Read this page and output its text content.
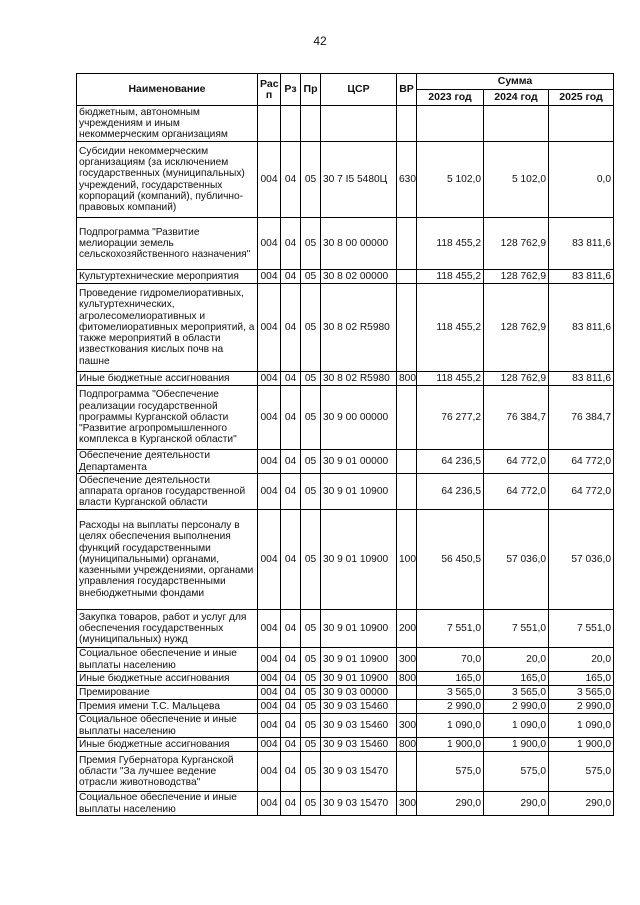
42
Наименование	Рас п	Рз	Пр	ЦСР	ВР	Сумма		
						2023 год	2024 год	2025 год
бюджетным, автономным учреждениям и иным некоммерческим организациям								
Субсидии некоммерческим организациям (за исключением государственных (муниципальных) учреждений, государственных корпораций (компаний), публично-правовых компаний)	004	04	05	30 7 I5 5480Ц	630	5 102,0	5 102,0	0,0
Подпрограмма "Развитие мелиорации земель сельскохозяйственного назначения"	004	04	05	30 8 00 00000		118 455,2	128 762,9	83 811,6
Культуртехнические мероприятия	004	04	05	30 8 02 00000		118 455,2	128 762,9	83 811,6
Проведение гидромелиоративных, культуртехнических, агролесомелиоративных и фитомелиоративных мероприятий, а также мероприятий в области известкования кислых почв на пашне	004	04	05	30 8 02 R5980		118 455,2	128 762,9	83 811,6
Иные бюджетные ассигнования	004	04	05	30 8 02 R5980	800	118 455,2	128 762,9	83 811,6
Подпрограмма "Обеспечение реализации государственной программы Курганской области "Развитие агропромышленного комплекса в Курганской области"	004	04	05	30 9 00 00000		76 277,2	76 384,7	76 384,7
Обеспечение деятельности Департамента	004	04	05	30 9 01 00000		64 236,5	64 772,0	64 772,0
Обеспечение деятельности аппарата органов государственной власти Курганской области	004	04	05	30 9 01 10900		64 236,5	64 772,0	64 772,0
Расходы на выплаты персоналу в целях обеспечения выполнения функций государственными (муниципальными) органами, казенными учреждениями, органами управления государственными внебюджетными фондами	004	04	05	30 9 01 10900	100	56 450,5	57 036,0	57 036,0
Закупка товаров, работ и услуг для обеспечения государственных (муниципальных) нужд	004	04	05	30 9 01 10900	200	7 551,0	7 551,0	7 551,0
Социальное обеспечение и иные выплаты населению	004	04	05	30 9 01 10900	300	70,0	20,0	20,0
Иные бюджетные ассигнования	004	04	05	30 9 01 10900	800	165,0	165,0	165,0
Премирование	004	04	05	30 9 03 00000		3 565,0	3 565,0	3 565,0
Премия имени Т.С. Мальцева	004	04	05	30 9 03 15460		2 990,0	2 990,0	2 990,0
Социальное обеспечение и иные выплаты населению	004	04	05	30 9 03 15460	300	1 090,0	1 090,0	1 090,0
Иные бюджетные ассигнования	004	04	05	30 9 03 15460	800	1 900,0	1 900,0	1 900,0
Премия Губернатора Курганской области "За лучшее ведение отрасли животноводства"	004	04	05	30 9 03 15470		575,0	575,0	575,0
Социальное обеспечение и иные выплаты населению	004	04	05	30 9 03 15470	300	290,0	290,0	290,0
